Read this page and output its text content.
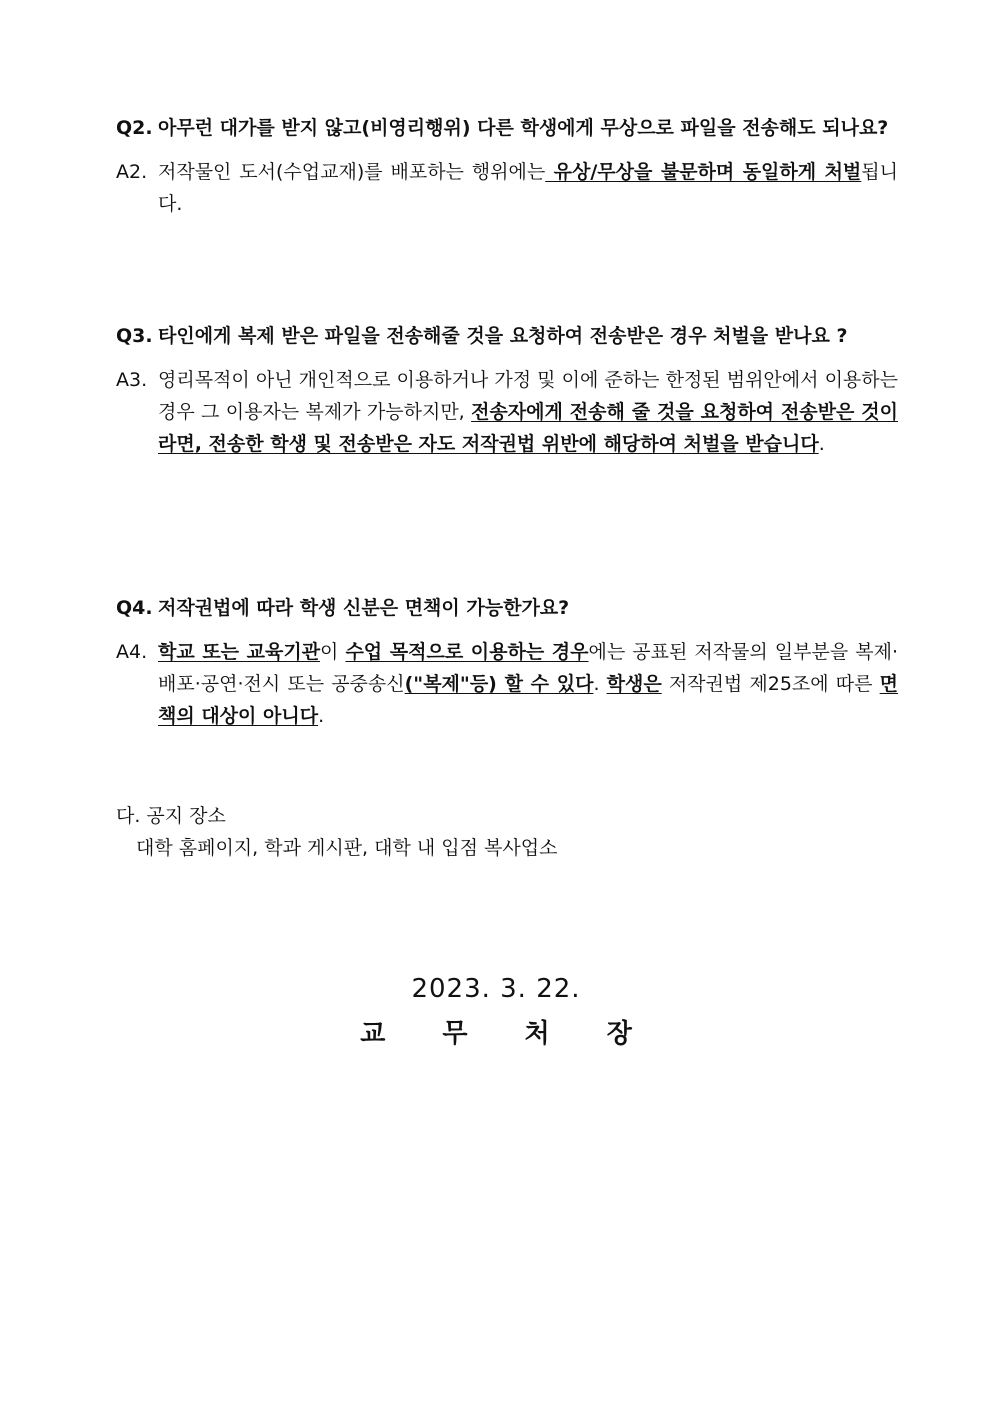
Q2. 아무런 대가를 받지 않고(비영리행위) 다른 학생에게 무상으로 파일을 전송해도 되나요?
A2. 저작물인 도서(수업교재)를 배포하는 행위에는 유상/무상을 불문하며 동일하게 처벌됩니다.
Q3. 타인에게 복제 받은 파일을 전송해줄 것을 요청하여 전송받은 경우 처벌을 받나요 ?
A3. 영리목적이 아닌 개인적으로 이용하거나 가정 및 이에 준하는 한정된 범위안에서 이용하는 경우 그 이용자는 복제가 가능하지만, 전송자에게 전송해 줄 것을 요청하여 전송받은 것이라면, 전송한 학생 및 전송받은 자도 저작권법 위반에 해당하여 처벌을 받습니다.
Q4. 저작권법에 따라 학생 신분은 면책이 가능한가요?
A4. 학교 또는 교육기관이 수업 목적으로 이용하는 경우에는 공표된 저작물의 일부분을 복제·배포·공연·전시 또는 공중송신("복제"등) 할 수 있다. 학생은 저작권법 제25조에 따른 면책의 대상이 아니다.
다. 공지 장소
대학 홈페이지, 학과 게시판, 대학 내 입점 복사업소
2023. 3. 22.
교 무 처 장
